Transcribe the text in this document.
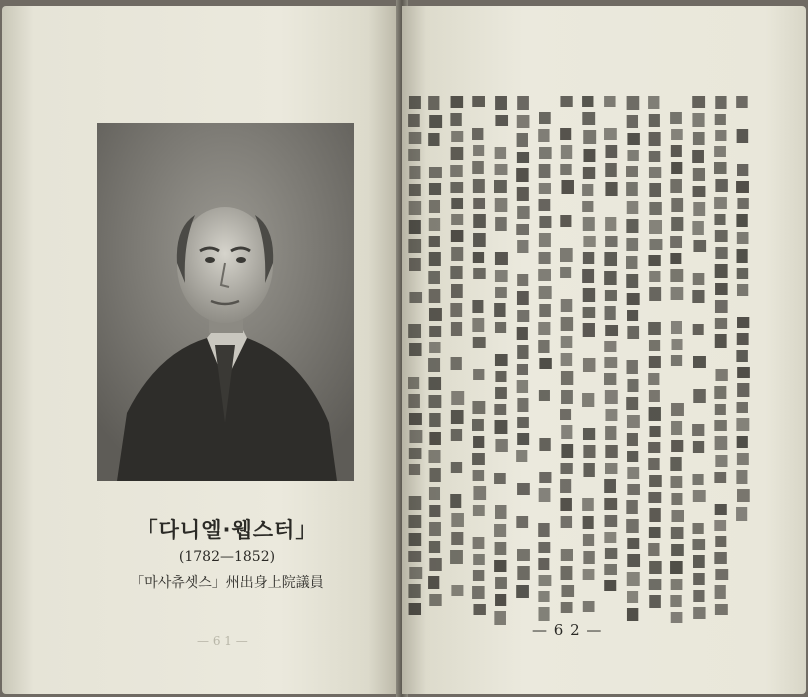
「다니엘·웹스터」
(1782—1852)
「마사츄셋스」州出身上院議員
— 6 1 —
— 6 2 —
